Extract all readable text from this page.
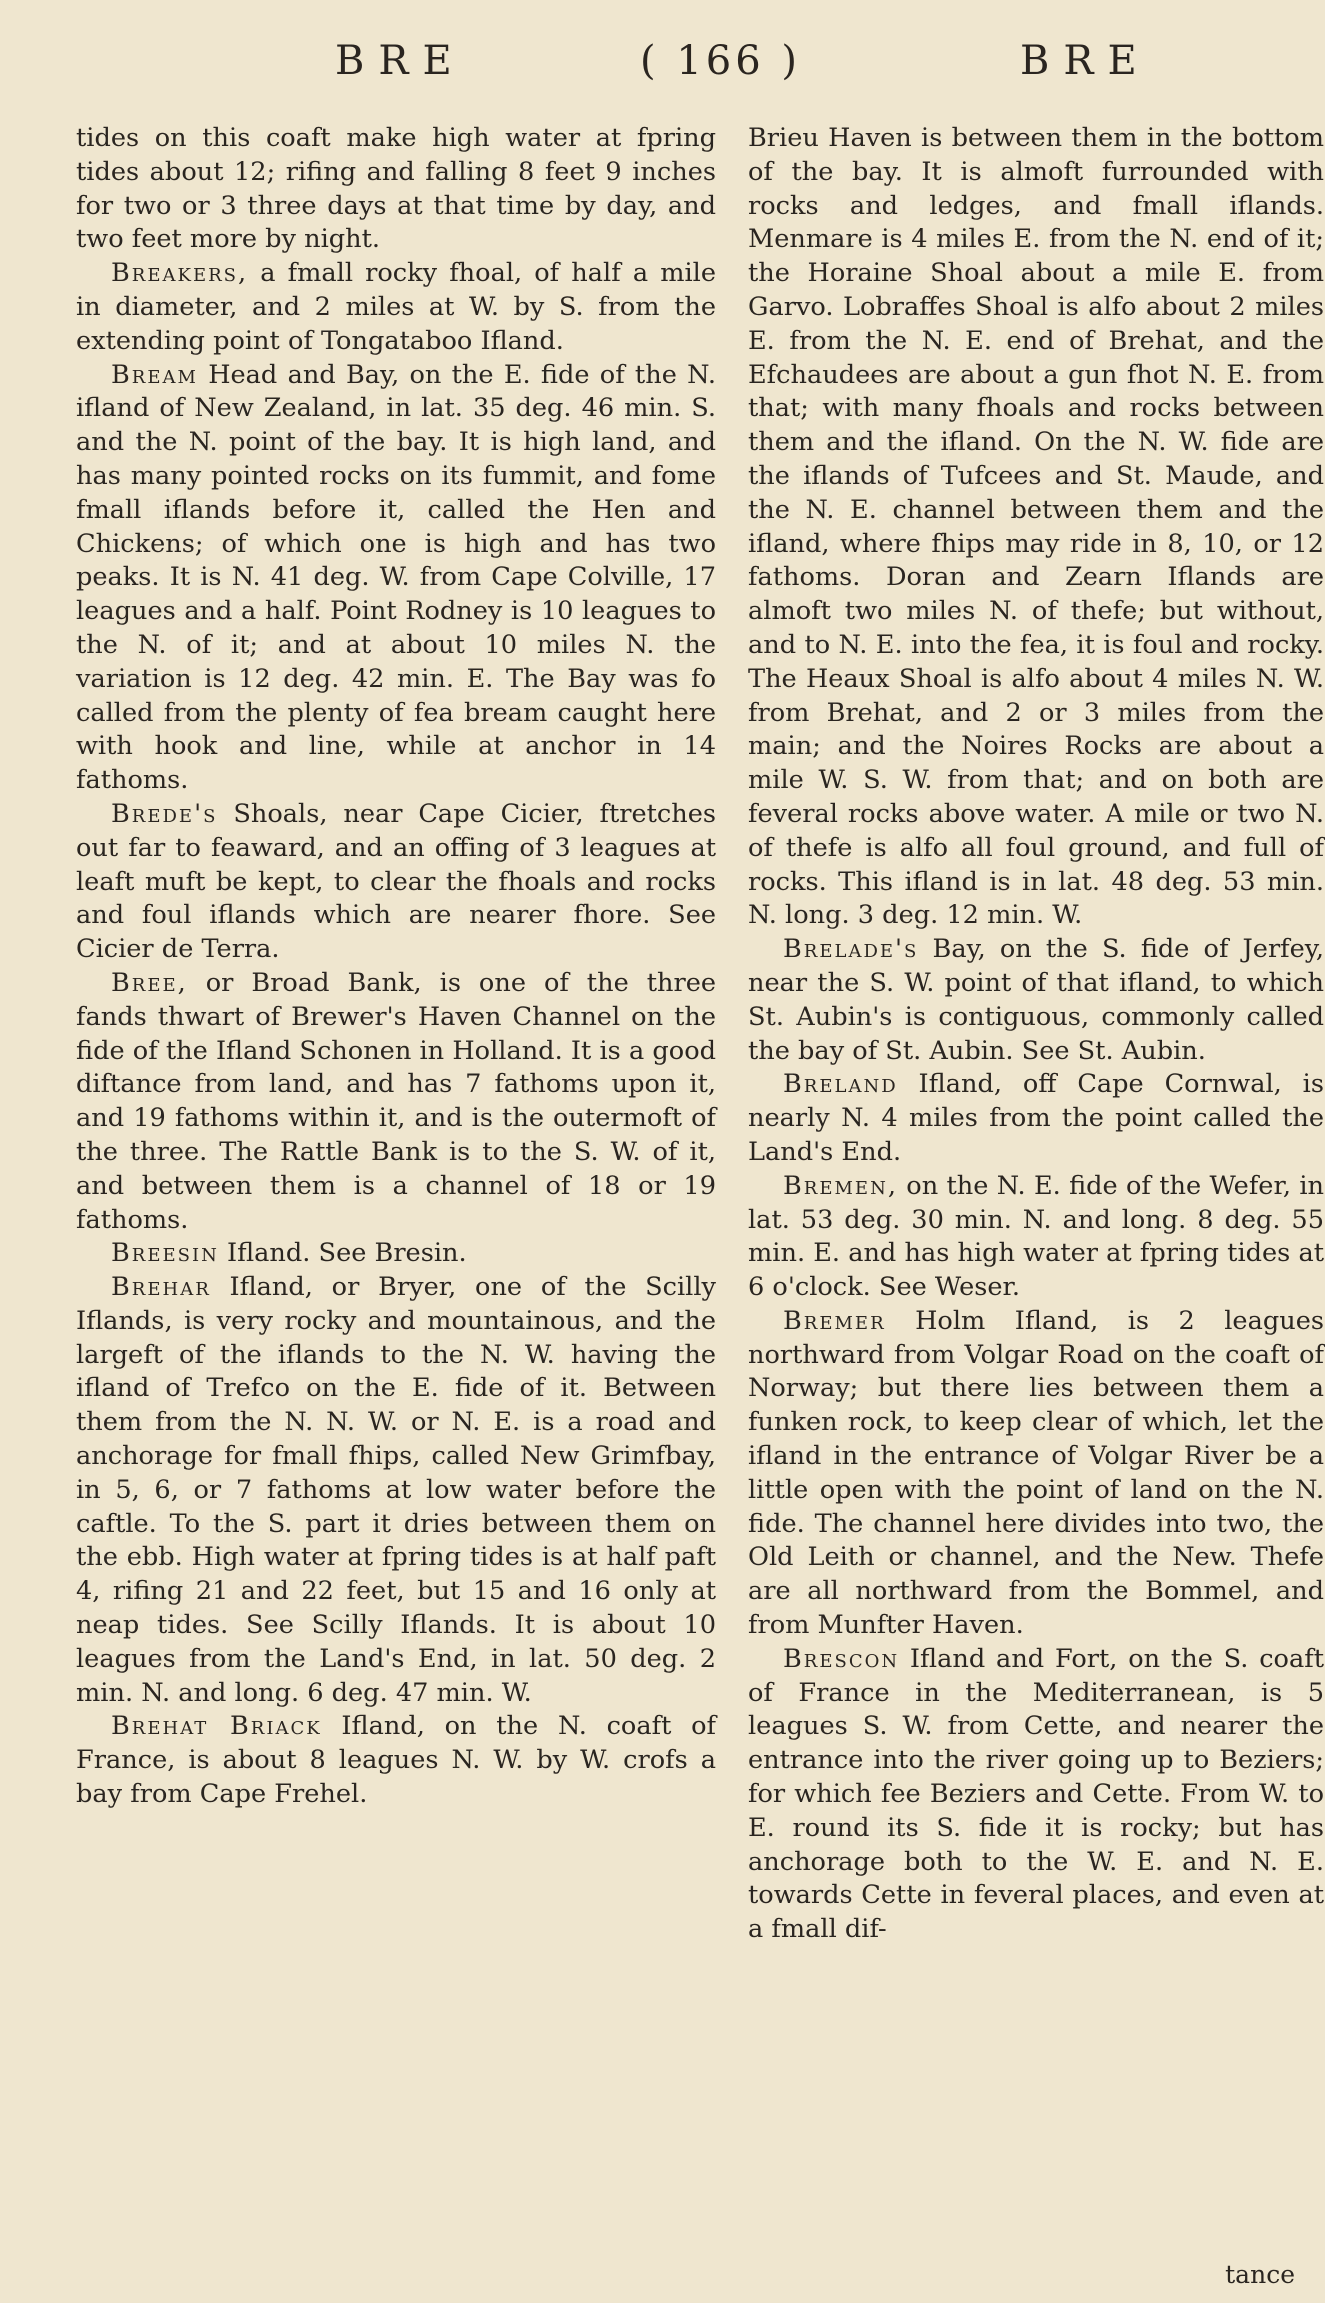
BRE	( 166 )	BRE

tides on this coaft make high water at fpring tides about 12; rifing and falling 8 feet 9 inches for two or 3 three days at that time by day, and two feet more by night.

Breakers, a fmall rocky fhoal, of half a mile in diameter, and 2 miles at W. by S. from the extending point of Tongataboo Ifland.

Bream Head and Bay, on the E. fide of the N. ifland of New Zealand, in lat. 35 deg. 46 min. S. and the N. point of the bay. It is high land, and has many pointed rocks on its fummit, and fome fmall iflands before it, called the Hen and Chickens; of which one is high and has two peaks. It is N. 41 deg. W. from Cape Colville, 17 leagues and a half. Point Rodney is 10 leagues to the N. of it; and at about 10 miles N. the variation is 12 deg. 42 min. E. The Bay was fo called from the plenty of fea bream caught here with hook and line, while at anchor in 14 fathoms.

Brede's Shoals, near Cape Cicier, ftretches out far to feaward, and an offing of 3 leagues at leaft muft be kept, to clear the fhoals and rocks and foul iflands which are nearer fhore. See Cicier de Terra.

Bree, or Broad Bank, is one of the three fands thwart of Brewer's Haven Channel on the fide of the Ifland Schonen in Holland. It is a good diftance from land, and has 7 fathoms upon it, and 19 fathoms within it, and is the outermoft of the three. The Rattle Bank is to the S. W. of it, and between them is a channel of 18 or 19 fathoms.

Breesin Ifland. See Bresin.

Brehar Ifland, or Bryer, one of the Scilly Iflands, is very rocky and mountainous, and the largeft of the iflands to the N. W. having the ifland of Trefco on the E. fide of it. Between them from the N. N. W. or N. E. is a road and anchorage for fmall fhips, called New Grimfbay, in 5, 6, or 7 fathoms at low water before the caftle. To the S. part it dries between them on the ebb. High water at fpring tides is at half paft 4, rifing 21 and 22 feet, but 15 and 16 only at neap tides. See Scilly Iflands. It is about 10 leagues from the Land's End, in lat. 50 deg. 2 min. N. and long. 6 deg. 47 min. W.

Brehat Briack Ifland, on the N. coaft of France, is about 8 leagues N. W. by W. crofs a bay from Cape Frehel.

Brieu Haven is between them in the bottom of the bay. It is almoft furrounded with rocks and ledges, and fmall iflands. Menmare is 4 miles E. from the N. end of it; the Horaine Shoal about a mile E. from Garvo. Lobraffes Shoal is alfo about 2 miles E. from the N. E. end of Brehat, and the Efchaudees are about a gun fhot N. E. from that; with many fhoals and rocks between them and the ifland. On the N. W. fide are the iflands of Tufcees and St. Maude, and the N. E. channel between them and the ifland, where fhips may ride in 8, 10, or 12 fathoms. Doran and Zearn Iflands are almoft two miles N. of thefe; but without, and to N. E. into the fea, it is foul and rocky. The Heaux Shoal is alfo about 4 miles N. W. from Brehat, and 2 or 3 miles from the main; and the Noires Rocks are about a mile W. S. W. from that; and on both are feveral rocks above water. A mile or two N. of thefe is alfo all foul ground, and full of rocks. This ifland is in lat. 48 deg. 53 min. N. long. 3 deg. 12 min. W.

Brelade's Bay, on the S. fide of Jerfey, near the S. W. point of that ifland, to which St. Aubin's is contiguous, commonly called the bay of St. Aubin. See St. Aubin.

Breland Ifland, off Cape Cornwal, is nearly N. 4 miles from the point called the Land's End.

Bremen, on the N. E. fide of the Wefer, in lat. 53 deg. 30 min. N. and long. 8 deg. 55 min. E. and has high water at fpring tides at 6 o'clock. See Weser.

Bremer Holm Ifland, is 2 leagues northward from Volgar Road on the coaft of Norway; but there lies between them a funken rock, to keep clear of which, let the ifland in the entrance of Volgar River be a little open with the point of land on the N. fide. The channel here divides into two, the Old Leith or channel, and the New. Thefe are all northward from the Bommel, and from Munfter Haven.

Brescon Ifland and Fort, on the S. coaft of France in the Mediterranean, is 5 leagues S. W. from Cette, and nearer the entrance into the river going up to Beziers; for which fee Beziers and Cette. From W. to E. round its S. fide it is rocky; but has anchorage both to the W. E. and N. E. towards Cette in feveral places, and even at a fmall dif-

tance
